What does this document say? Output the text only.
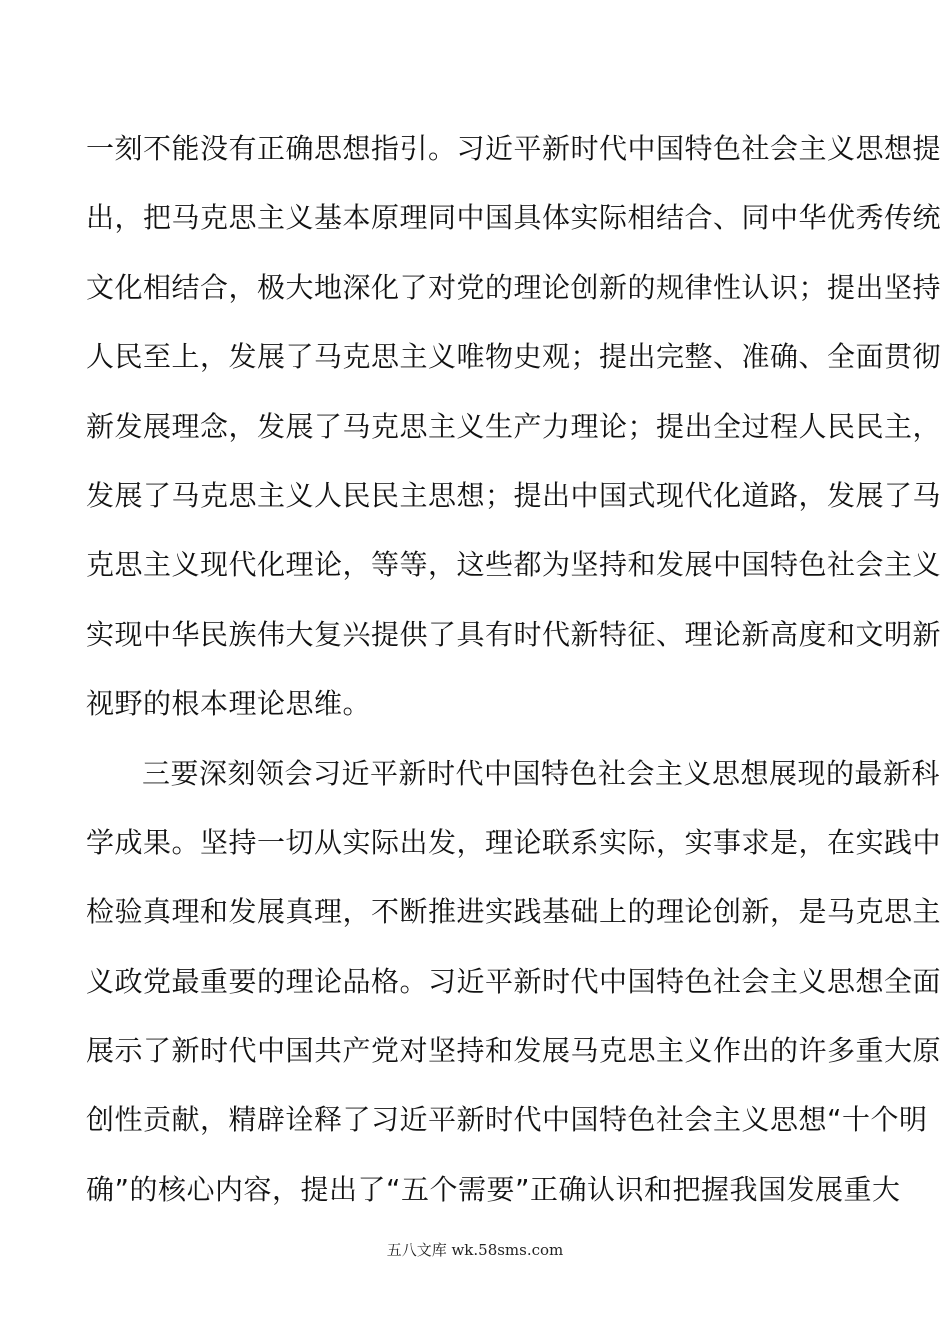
一刻不能没有正确思想指引。习近平新时代中国特色社会主义思想提
出，把马克思主义基本原理同中国具体实际相结合、同中华优秀传统
文化相结合，极大地深化了对党的理论创新的规律性认识；提出坚持
人民至上，发展了马克思主义唯物史观；提出完整、准确、全面贯彻
新发展理念，发展了马克思主义生产力理论；提出全过程人民民主，
发展了马克思主义人民民主思想；提出中国式现代化道路，发展了马
克思主义现代化理论，等等，这些都为坚持和发展中国特色社会主义
实现中华民族伟大复兴提供了具有时代新特征、理论新高度和文明新
视野的根本理论思维。
三要深刻领会习近平新时代中国特色社会主义思想展现的最新科
学成果。坚持一切从实际出发，理论联系实际，实事求是，在实践中
检验真理和发展真理，不断推进实践基础上的理论创新，是马克思主
义政党最重要的理论品格。习近平新时代中国特色社会主义思想全面
展示了新时代中国共产党对坚持和发展马克思主义作出的许多重大原
创性贡献，精辟诠释了习近平新时代中国特色社会主义思想“十个明
确”的核心内容，提出了“五个需要”正确认识和把握我国发展重大
五八文库 wk.58sms.com
